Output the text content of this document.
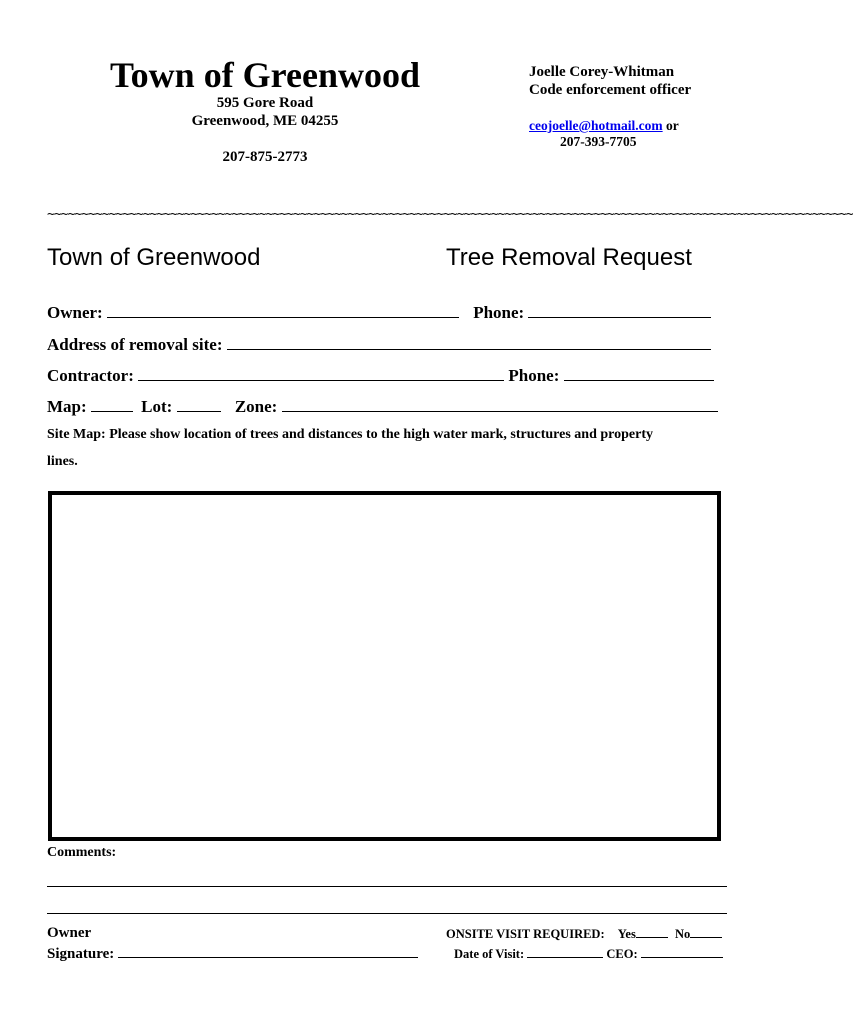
Town of Greenwood
595 Gore Road
Greenwood, ME 04255
207-875-2773
Joelle Corey-Whitman
Code enforcement officer
ceojoelle@hotmail.com or
207-393-7705
~~~~~~~~~~~~~~~~~~~~~~~~~~~~~~~~~~~~~~~~~~~~~~~~~~~~~~~~~~~~~~~~~~~~~~~~~~~~~~~~~~~~~~~~~~~~~~~~~~~~~~~~~~~~~~~~~~~~~~
Town of Greenwood	Tree Removal Request
Owner:	Phone:
Address of removal site:
Contractor:	Phone:
Map:	Lot:	Zone:
Site Map: Please show location of trees and distances to the high water mark, structures and property
lines.
Comments:
Owner
Signature:
ONSITE VISIT REQUIRED: Yes	No
Date of Visit:	CEO:
